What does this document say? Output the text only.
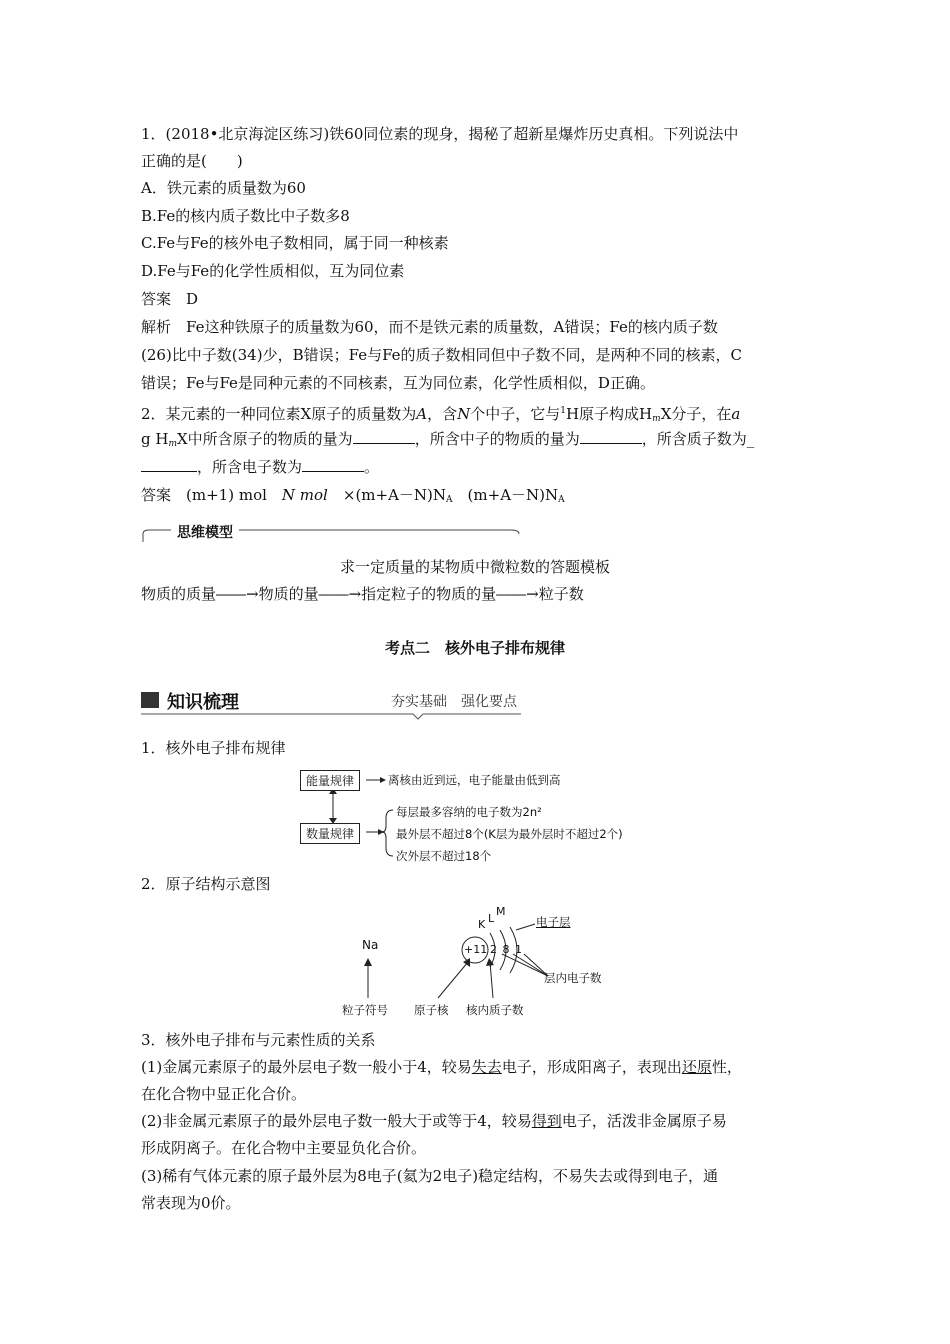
1．(2018•北京海淀区练习)铁60同位素的现身，揭秘了超新星爆炸历史真相。下列说法中
正确的是(　　)
A．铁元素的质量数为60
B.Fe的核内质子数比中子数多8
C.Fe与Fe的核外电子数相同，属于同一种核素
D.Fe与Fe的化学性质相似，互为同位素
答案　D
解析　Fe这种铁原子的质量数为60，而不是铁元素的质量数，A错误；Fe的核内质子数
(26)比中子数(34)少，B错误；Fe与Fe的质子数相同但中子数不同，是两种不同的核素，C
错误；Fe与Fe是同种元素的不同核素，互为同位素，化学性质相似，D正确。
2．某元素的一种同位素X原子的质量数为A，含N个中子，它与$^1$H原子构成$H_mX$分子，在a
g $H_mX$中所含原子的物质的量为	，所含中子的物质的量为	，所含质子数为_
，所含电子数为	。
答案　 (m+1) mol　 N mol　 $\times(m+A-N)N_A$　 $(m+A-N)N_A$
思维模型
求一定质量的某物质中微粒数的答题模板
物质的质量――→物质的量――→指定粒子的物质的量――→粒子数
考点二　核外电子排布规律
知识梳理	夯实基础　强化要点
1．核外电子排布规律
能量规律	离核由近到远，电子能量由低到高
数量规律
每层最多容纳的电子数为2n²
最外层不超过8个(K层为最外层时不超过2个)
次外层不超过18个
2．原子结构示意图
Na	+11 2 8 1
K L
M
电子层
层内电子数
粒子符号 原子核 核内质子数
3．核外电子排布与元素性质的关系
(1)金属元素原子的最外层电子数一般小于4，较易失去电子，形成阳离子，表现出还原性，
在化合物中显正化合价。
(2)非金属元素原子的最外层电子数一般大于或等于4，较易得到电子，活泼非金属原子易
形成阴离子。在化合物中主要显负化合价。
(3)稀有气体元素的原子最外层为8电子(氦为2电子)稳定结构，不易失去或得到电子，通
常表现为0价。
